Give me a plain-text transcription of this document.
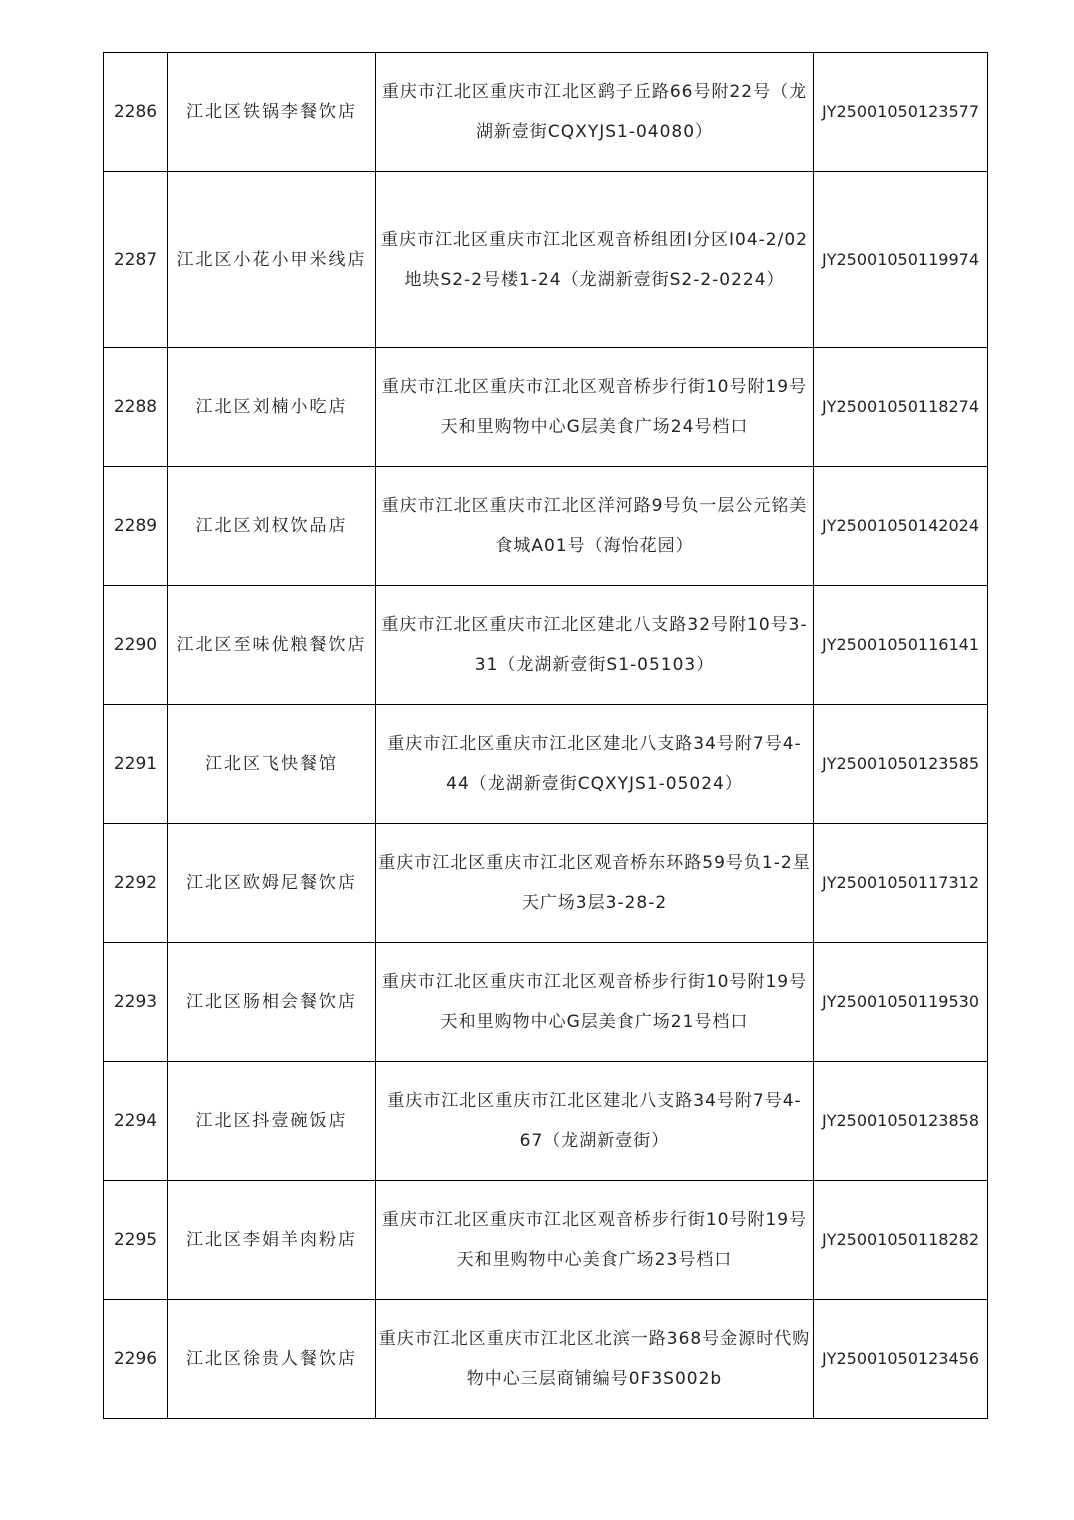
2286	江北区铁锅李餐饮店	重庆市江北区重庆市江北区鹞子丘路66号附22号（龙湖新壹街CQXYJS1-04080）	JY25001050123577
2287	江北区小花小甲米线店	重庆市江北区重庆市江北区观音桥组团I分区I04-2/02地块S2-2号楼1-24（龙湖新壹街S2-2-0224）	JY25001050119974
2288	江北区刘楠小吃店	重庆市江北区重庆市江北区观音桥步行街10号附19号天和里购物中心G层美食广场24号档口	JY25001050118274
2289	江北区刘权饮品店	重庆市江北区重庆市江北区洋河路9号负一层公元铭美食城A01号（海怡花园）	JY25001050142024
2290	江北区至味优粮餐饮店	重庆市江北区重庆市江北区建北八支路32号附10号3-31（龙湖新壹街S1-05103）	JY25001050116141
2291	江北区飞快餐馆	重庆市江北区重庆市江北区建北八支路34号附7号4-44（龙湖新壹街CQXYJS1-05024）	JY25001050123585
2292	江北区欧姆尼餐饮店	重庆市江北区重庆市江北区观音桥东环路59号负1-2星天广场3层3-28-2	JY25001050117312
2293	江北区肠相会餐饮店	重庆市江北区重庆市江北区观音桥步行街10号附19号天和里购物中心G层美食广场21号档口	JY25001050119530
2294	江北区抖壹碗饭店	重庆市江北区重庆市江北区建北八支路34号附7号4-67（龙湖新壹街）	JY25001050123858
2295	江北区李娟羊肉粉店	重庆市江北区重庆市江北区观音桥步行街10号附19号天和里购物中心美食广场23号档口	JY25001050118282
2296	江北区徐贵人餐饮店	重庆市江北区重庆市江北区北滨一路368号金源时代购物中心三层商铺编号0F3S002b	JY25001050123456
